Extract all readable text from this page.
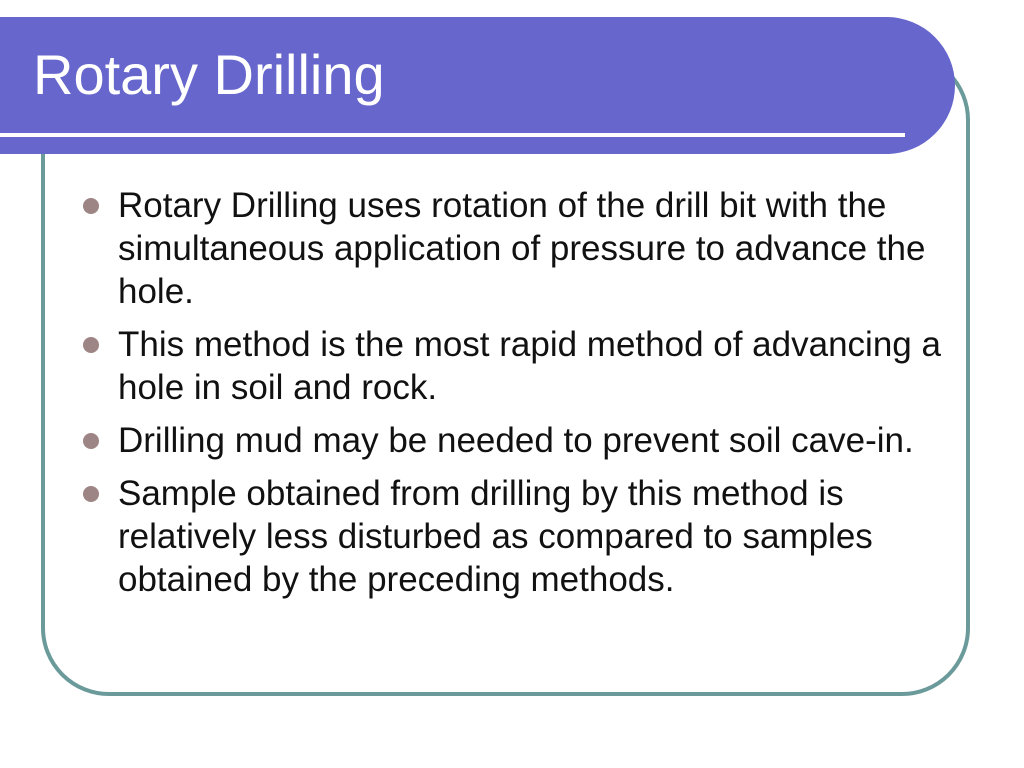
Rotary Drilling
Rotary Drilling uses rotation of the drill bit with the simultaneous application of pressure to advance the hole.
This method is the most rapid method of advancing a hole in soil and rock.
Drilling mud may be needed to prevent soil cave-in.
Sample obtained from drilling by this method is relatively less disturbed as compared to samples obtained by the preceding methods.
